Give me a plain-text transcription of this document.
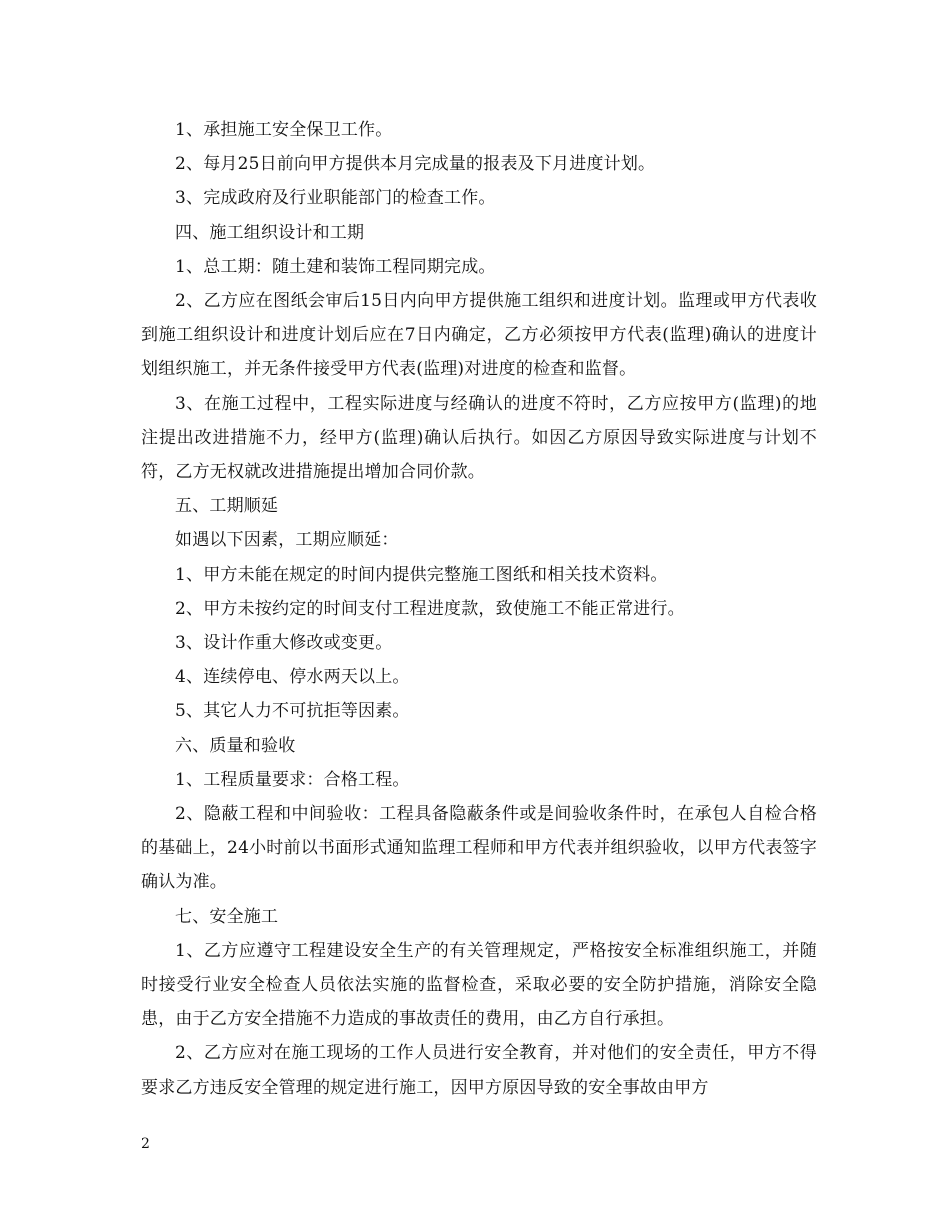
1、承担施工安全保卫工作。

2、每月25日前向甲方提供本月完成量的报表及下月进度计划。

3、完成政府及行业职能部门的检查工作。

四、施工组织设计和工期

1、总工期：随土建和装饰工程同期完成。

2、乙方应在图纸会审后15日内向甲方提供施工组织和进度计划。监理或甲方代表收到施工组织设计和进度计划后应在7日内确定，乙方必须按甲方代表(监理)确认的进度计划组织施工，并无条件接受甲方代表(监理)对进度的检查和监督。

3、在施工过程中，工程实际进度与经确认的进度不符时，乙方应按甲方(监理)的地注提出改进措施不力，经甲方(监理)确认后执行。如因乙方原因导致实际进度与计划不符，乙方无权就改进措施提出增加合同价款。

五、工期顺延

如遇以下因素，工期应顺延：

1、甲方未能在规定的时间内提供完整施工图纸和相关技术资料。

2、甲方未按约定的时间支付工程进度款，致使施工不能正常进行。

3、设计作重大修改或变更。

4、连续停电、停水两天以上。

5、其它人力不可抗拒等因素。

六、质量和验收

1、工程质量要求：合格工程。

2、隐蔽工程和中间验收：工程具备隐蔽条件或是间验收条件时，在承包人自检合格的基础上，24小时前以书面形式通知监理工程师和甲方代表并组织验收，以甲方代表签字确认为准。

七、安全施工

1、乙方应遵守工程建设安全生产的有关管理规定，严格按安全标准组织施工，并随时接受行业安全检查人员依法实施的监督检查，采取必要的安全防护措施，消除安全隐患，由于乙方安全措施不力造成的事故责任的费用，由乙方自行承担。

2、乙方应对在施工现场的工作人员进行安全教育，并对他们的安全责任，甲方不得要求乙方违反安全管理的规定进行施工，因甲方原因导致的安全事故由甲方

2
